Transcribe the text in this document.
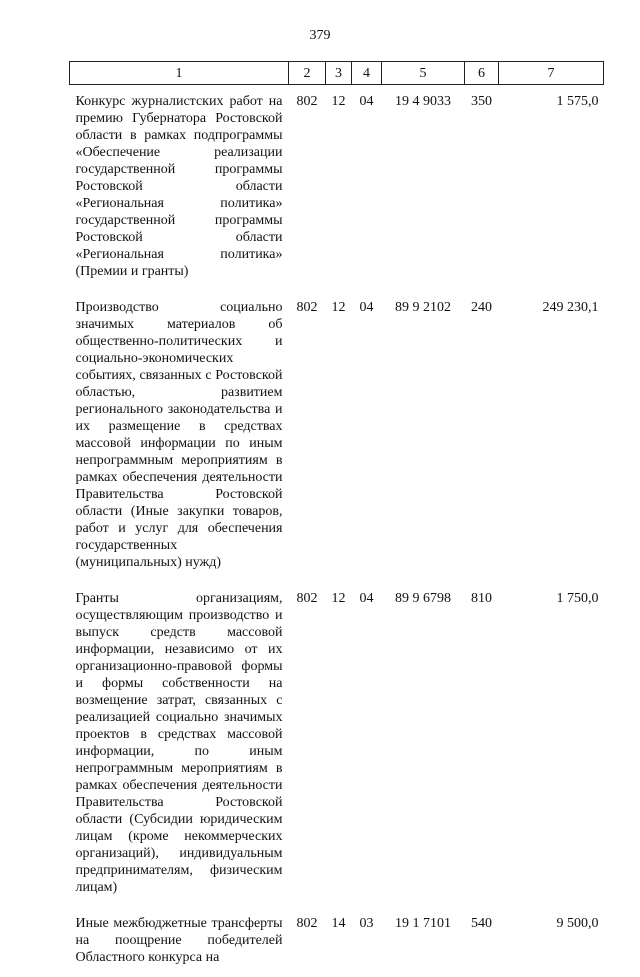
379
1	2	3	4	5	6	7
Конкурс журналистских работ на премию Губернатора Ростовской области в рамках подпрограммы «Обеспечение реализации государственной программы Ростовской области «Региональная политика» государственной программы Ростовской области «Региональная политика» (Премии и гранты)	802	12	04	19 4 9033	350	1 575,0
Производство социально значимых материалов об общественно-политических и социально-экономических событиях, связанных с Ростовской областью, развитием регионального законодательства и их размещение в средствах массовой информации по иным непрограммным мероприятиям в рамках обеспечения деятельности Правительства Ростовской области (Иные закупки товаров, работ и услуг для обеспечения государственных (муниципальных) нужд)	802	12	04	89 9 2102	240	249 230,1
Гранты организациям, осуществляющим производство и выпуск средств массовой информации, независимо от их организационно-правовой формы и формы собственности на возмещение затрат, связанных с реализацией социально значимых проектов в средствах массовой информации, по иным непрограммным мероприятиям в рамках обеспечения деятельности Правительства Ростовской области (Субсидии юридическим лицам (кроме некоммерческих организаций), индивидуальным предпринимателям, физическим лицам)	802	12	04	89 9 6798	810	1 750,0
Иные межбюджетные трансферты на поощрение победителей Областного конкурса на	802	14	03	19 1 7101	540	9 500,0
